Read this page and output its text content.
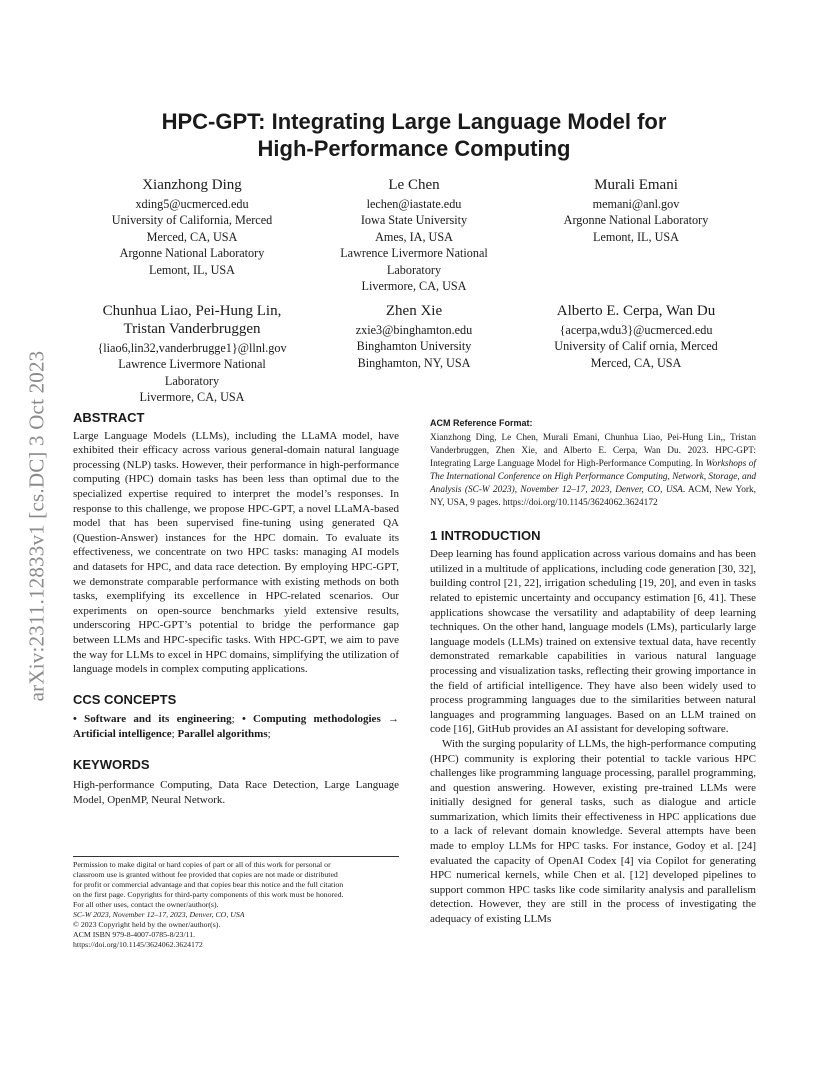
arXiv:2311.12833v1 [cs.DC] 3 Oct 2023
HPC-GPT: Integrating Large Language Model for
High-Performance Computing
Xianzhong Ding
xding5@ucmerced.edu
University of California, Merced
Merced, CA, USA
Argonne National Laboratory
Lemont, IL, USA
Le Chen
lechen@iastate.edu
Iowa State University
Ames, IA, USA
Lawrence Livermore National
Laboratory
Livermore, CA, USA
Murali Emani
memani@anl.gov
Argonne National Laboratory
Lemont, IL, USA
Chunhua Liao, Pei-Hung Lin,
Tristan Vanderbruggen
{liao6,lin32,vanderbrugge1}@llnl.gov
Lawrence Livermore National
Laboratory
Livermore, CA, USA
Zhen Xie
zxie3@binghamton.edu
Binghamton University
Binghamton, NY, USA
Alberto E. Cerpa, Wan Du
{acerpa,wdu3}@ucmerced.edu
University of Calif ornia, Merced
Merced, CA, USA
ABSTRACT

Large Language Models (LLMs), including the LLaMA model, have exhibited their efficacy across various general-domain natural language processing (NLP) tasks. However, their performance in high-performance computing (HPC) domain tasks has been less than optimal due to the specialized expertise required to interpret the model’s responses. In response to this challenge, we propose HPC-GPT, a novel LLaMA-based model that has been supervised fine-tuning using generated QA (Question-Answer) instances for the HPC domain. To evaluate its effectiveness, we concentrate on two HPC tasks: managing AI models and datasets for HPC, and data race detection. By employing HPC-GPT, we demonstrate comparable performance with existing methods on both tasks, exemplifying its excellence in HPC-related scenarios. Our experiments on open-source benchmarks yield extensive results, underscoring HPC-GPT’s potential to bridge the performance gap between LLMs and HPC-specific tasks. With HPC-GPT, we aim to pave the way for LLMs to excel in HPC domains, simplifying the utilization of language models in complex computing applications.

CCS CONCEPTS
• Software and its engineering; • Computing methodologies → Artificial intelligence; Parallel algorithms;
KEYWORDS

High-performance Computing, Data Race Detection, Large Language Model, OpenMP, Neural Network.

Permission to make digital or hard copies of part or all of this work for personal or
classroom use is granted without fee provided that copies are not made or distributed
for profit or commercial advantage and that copies bear this notice and the full citation
on the first page. Copyrights for third-party components of this work must be honored.
For all other uses, contact the owner/author(s).
SC-W 2023, November 12–17, 2023, Denver, CO, USA
© 2023 Copyright held by the owner/author(s).
ACM ISBN 979-8-4007-0785-8/23/11.
https://doi.org/10.1145/3624062.3624172
ACM Reference Format:
Xianzhong Ding, Le Chen, Murali Emani, Chunhua Liao, Pei-Hung Lin,, Tristan Vanderbruggen, Zhen Xie, and Alberto E. Cerpa, Wan Du. 2023. HPC-GPT: Integrating Large Language Model for High-Performance Computing. In Workshops of The International Conference on High Performance Computing, Network, Storage, and Analysis (SC-W 2023), November 12–17, 2023, Denver, CO, USA. ACM, New York, NY, USA, 9 pages. https://doi.org/10.1145/3624062.3624172
1 INTRODUCTION

Deep learning has found application across various domains and has been utilized in a multitude of applications, including code generation [30, 32], building control [21, 22], irrigation scheduling [19, 20], and even in tasks related to epistemic uncertainty and occupancy estimation [6, 41]. These applications showcase the versatility and adaptability of deep learning techniques. On the other hand, language models (LMs), particularly large language models (LLMs) trained on extensive textual data, have recently demonstrated remarkable capabilities in various natural language processing and visualization tasks, reflecting their growing importance in the field of artificial intelligence. They have also been widely used to process programming languages due to the similarities between natural languages and programming languages. Based on an LLM trained on code [16], GitHub provides an AI assistant for developing software.

With the surging popularity of LLMs, the high-performance computing (HPC) community is exploring their potential to tackle various HPC challenges like programming language processing, parallel programming, and question answering. However, existing pre-trained LLMs were initially designed for general tasks, such as dialogue and article summarization, which limits their effectiveness in HPC applications due to a lack of relevant domain knowledge. Several attempts have been made to employ LLMs for HPC tasks. For instance, Godoy et al. [24] evaluated the capacity of OpenAI Codex [4] via Copilot for generating HPC numerical kernels, while Chen et al. [12] developed pipelines to support common HPC tasks like code similarity analysis and parallelism detection. However, they are still in the process of investigating the adequacy of existing LLMs
